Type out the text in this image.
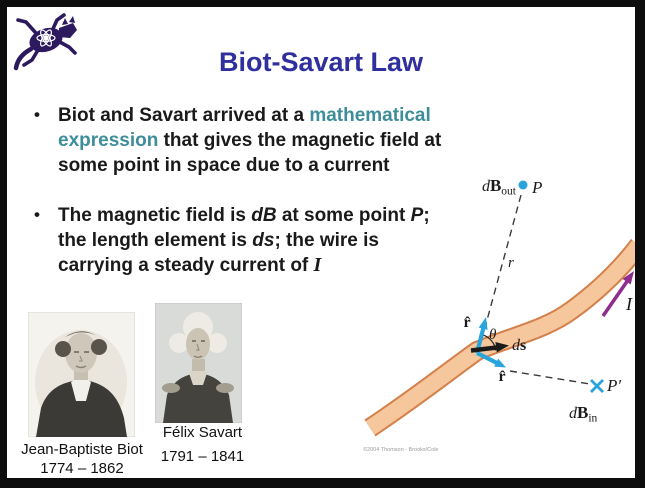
Biot-Savart Law
• Biot and Savart arrived at a mathematical
expression that gives the magnetic field at
some point in space due to a current
• The magnetic field is dB at some point P;
the length element is ds; the wire is
carrying a steady current of I
Jean-Baptiste Biot
1774 – 1862
Félix Savart
1791 – 1841
$dB_{out}$ P
r
r̂
θ
ds
r̂	P′
$dB_{in}$
I
©2004 Thomson - Brooks/Cole
